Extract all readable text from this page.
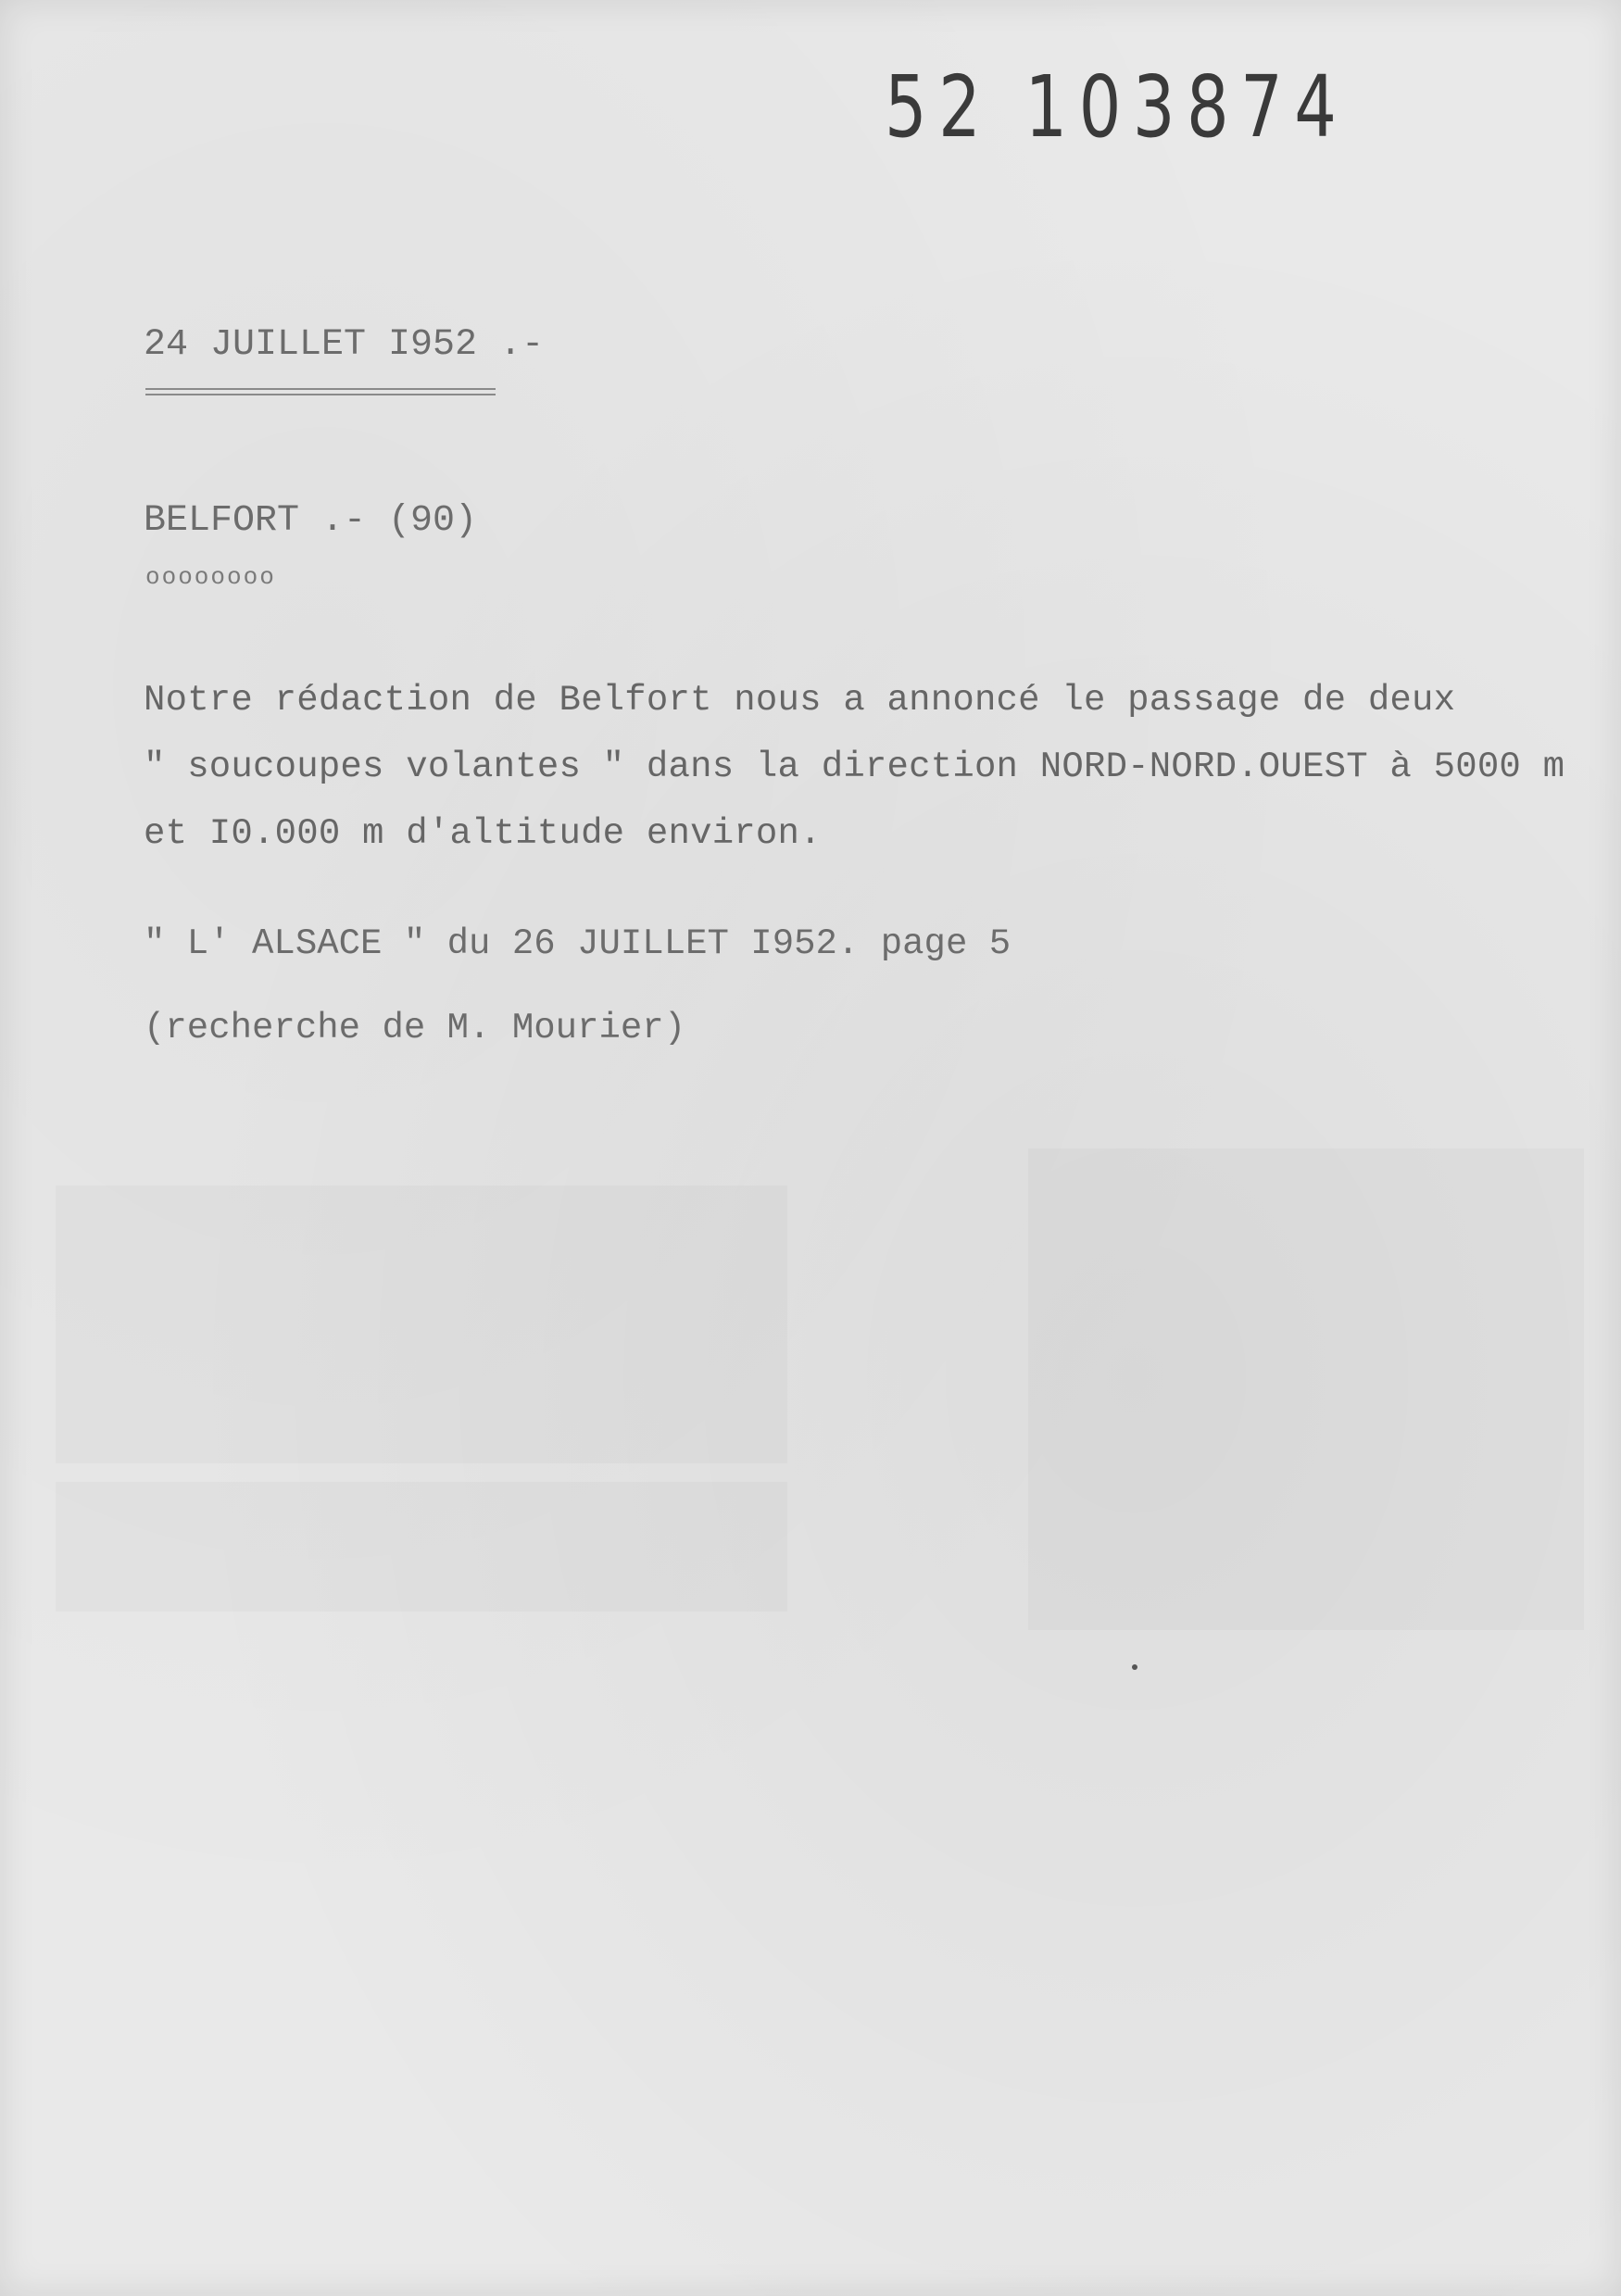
52 103874
24 JUILLET I952 .-
BELFORT .- (90)
oooooooo
Notre rédaction de Belfort nous a annoncé le passage de deux
" soucoupes volantes " dans la direction NORD-NORD.OUEST à 5000 m
et I0.000 m d'altitude environ.
" L' ALSACE " du 26 JUILLET I952. page 5
(recherche de M. Mourier)
